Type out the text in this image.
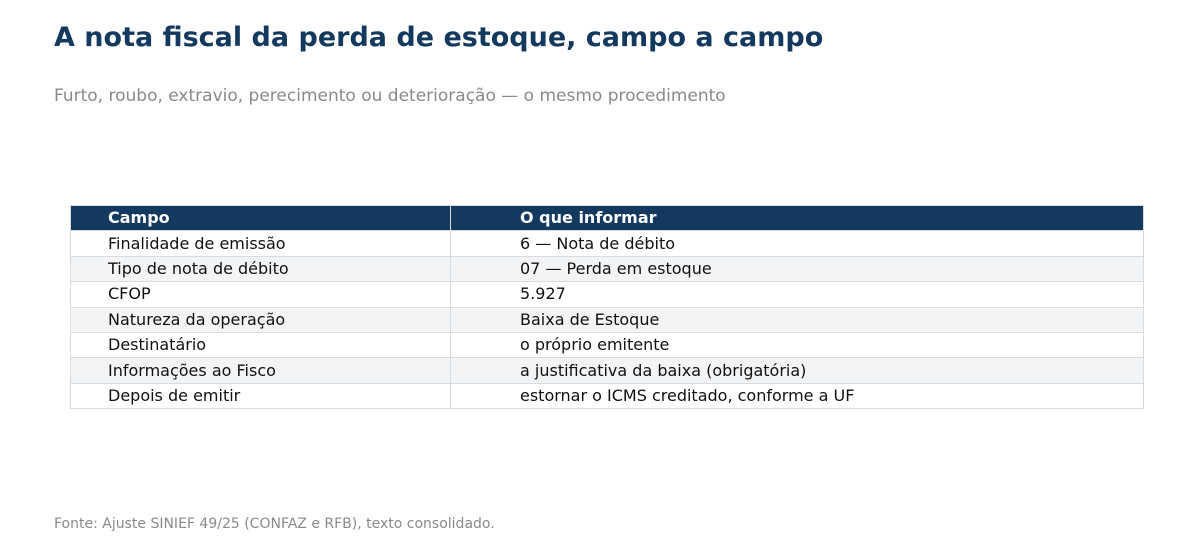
A nota fiscal da perda de estoque, campo a campo
Furto, roubo, extravio, perecimento ou deterioração — o mesmo procedimento
Campo	O que informar
Finalidade de emissão	6 — Nota de débito
Tipo de nota de débito	07 — Perda em estoque
CFOP	5.927
Natureza da operação	Baixa de Estoque
Destinatário	o próprio emitente
Informações ao Fisco	a justificativa da baixa (obrigatória)
Depois de emitir	estornar o ICMS creditado, conforme a UF
Fonte: Ajuste SINIEF 49/25 (CONFAZ e RFB), texto consolidado.
